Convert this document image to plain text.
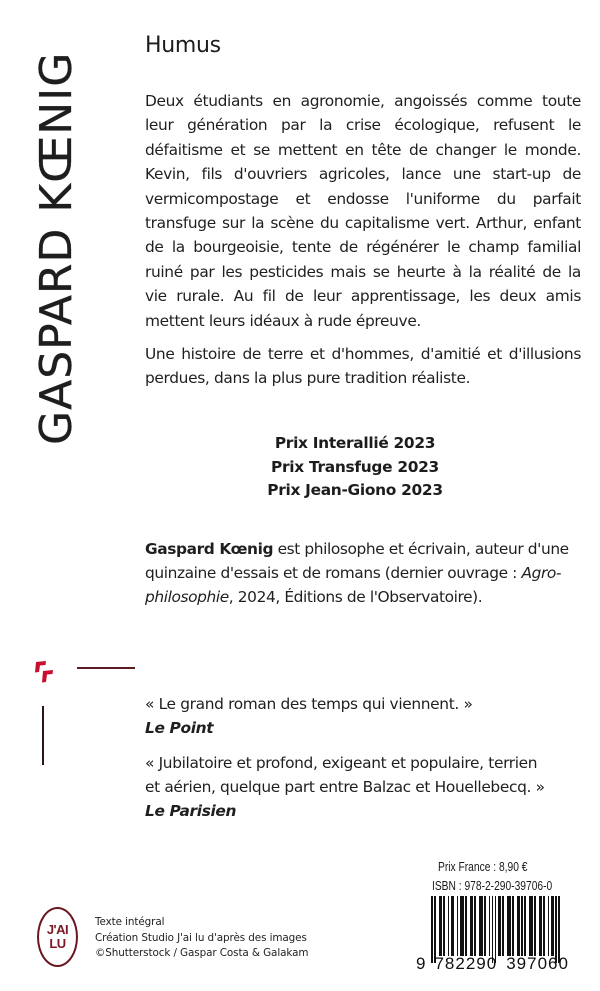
GASPARD KŒNIG
Humus
Deux étudiants en agronomie, angoissés comme toute
leur génération par la crise écologique, refusent le
défaitisme et se mettent en tête de changer le monde.
Kevin, fils d'ouvriers agricoles, lance une start-up de
vermicompostage et endosse l'uniforme du parfait
transfuge sur la scène du capitalisme vert. Arthur, enfant
de la bourgeoisie, tente de régénérer le champ familial
ruiné par les pesticides mais se heurte à la réalité de la
vie rurale. Au fil de leur apprentissage, les deux amis
mettent leurs idéaux à rude épreuve.
Une histoire de terre et d'hommes, d'amitié et d'illusions
perdues, dans la plus pure tradition réaliste.
Prix Interallié 2023
Prix Transfuge 2023
Prix Jean-Giono 2023
Gaspard Kœnig est philosophe et écrivain, auteur d'une
quinzaine d'essais et de romans (dernier ouvrage : Agro-
philosophie, 2024, Éditions de l'Observatoire).
« Le grand roman des temps qui viennent. »
Le Point
« Jubilatoire et profond, exigeant et populaire, terrien
et aérien, quelque part entre Balzac et Houellebecq. »
Le Parisien
J'AI
LU
Texte intégral
Création Studio J'ai lu d'après des images
©Shutterstock / Gaspar Costa & Galakam
Prix France : 8,90 €
ISBN : 978-2-290-39706-0
9 782290 397060
